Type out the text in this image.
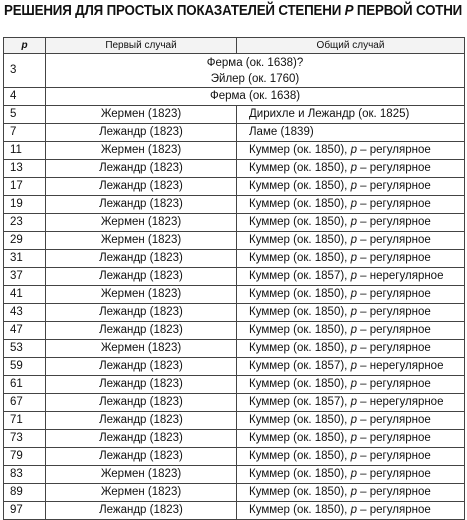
РЕШЕНИЯ ДЛЯ ПРОСТЫХ ПОКАЗАТЕЛЕЙ СТЕПЕНИ P ПЕРВОЙ СОТНИ
p	Первый случай	Общий случай
3	Ферма (ок. 1638)?
Эйлер (ок. 1760)	

4	Ферма (ок. 1638)	
5	Жермен (1823)	Дирихле и Лежандр (ок. 1825)
7	Лежандр (1823)	Ламе (1839)
11	Жермен (1823)	Куммер (ок. 1850), p – регулярное
13	Лежандр (1823)	Куммер (ок. 1850), p – регулярное
17	Лежандр (1823)	Куммер (ок. 1850), p – регулярное
19	Лежандр (1823)	Куммер (ок. 1850), p – регулярное
23	Жермен (1823)	Куммер (ок. 1850), p – регулярное
29	Жермен (1823)	Куммер (ок. 1850), p – регулярное
31	Лежандр (1823)	Куммер (ок. 1850), p – регулярное
37	Лежандр (1823)	Куммер (ок. 1857), p – нерегулярное
41	Жермен (1823)	Куммер (ок. 1850), p – регулярное
43	Лежандр (1823)	Куммер (ок. 1850), p – регулярное
47	Лежандр (1823)	Куммер (ок. 1850), p – регулярное
53	Жермен (1823)	Куммер (ок. 1850), p – регулярное
59	Лежандр (1823)	Куммер (ок. 1857), p – нерегулярное
61	Лежандр (1823)	Куммер (ок. 1850), p – регулярное
67	Лежандр (1823)	Куммер (ок. 1857), p – нерегулярное
71	Лежандр (1823)	Куммер (ок. 1850), p – регулярное
73	Лежандр (1823)	Куммер (ок. 1850), p – регулярное
79	Лежандр (1823)	Куммер (ок. 1850), p – регулярное
83	Жермен (1823)	Куммер (ок. 1850), p – регулярное
89	Жермен (1823)	Куммер (ок. 1850), p – регулярное
97	Лежандр (1823)	Куммер (ок. 1850), p – регулярное
